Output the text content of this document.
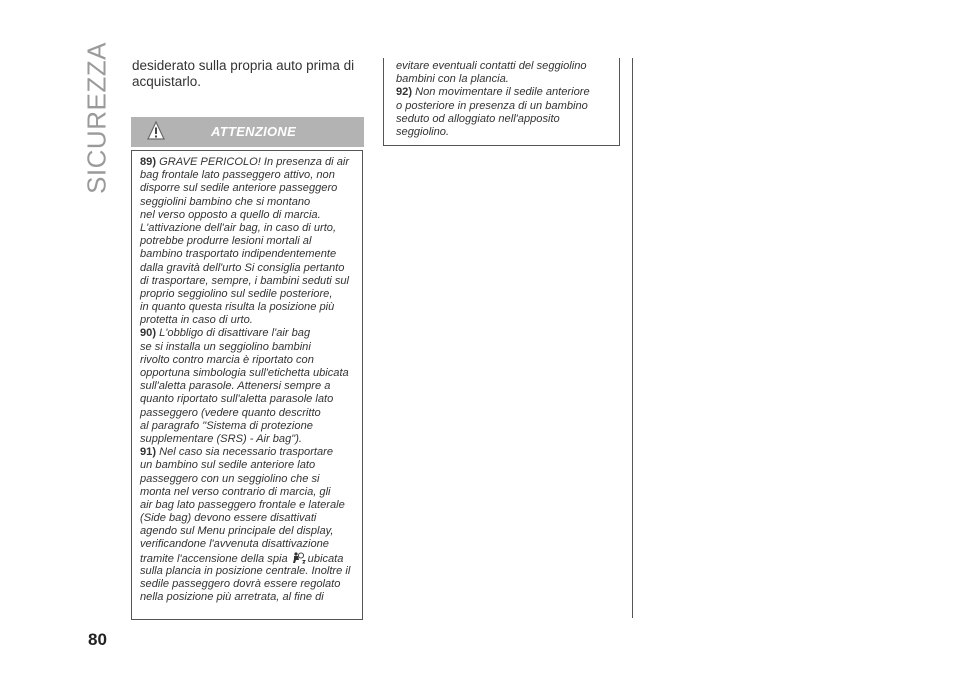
SICUREZZA
80
desiderato sulla propria auto prima di acquistarlo.
ATTENZIONE
89) GRAVE PERICOLO! In presenza di air
bag frontale lato passeggero attivo, non
disporre sul sedile anteriore passeggero
seggiolini bambino che si montano
nel verso opposto a quello di marcia.
L'attivazione dell'air bag, in caso di urto,
potrebbe produrre lesioni mortali al
bambino trasportato indipendentemente
dalla gravità dell'urto Si consiglia pertanto
di trasportare, sempre, i bambini seduti sul
proprio seggiolino sul sedile posteriore,
in quanto questa risulta la posizione più
protetta in caso di urto.
90) L'obbligo di disattivare l'air bag
se si installa un seggiolino bambini
rivolto contro marcia è riportato con
opportuna simbologia sull'etichetta ubicata
sull'aletta parasole. Attenersi sempre a
quanto riportato sull'aletta parasole lato
passeggero (vedere quanto descritto
al paragrafo "Sistema di protezione
supplementare (SRS) - Air bag").
91) Nel caso sia necessario trasportare
un bambino sul sedile anteriore lato
passeggero con un seggiolino che si
monta nel verso contrario di marcia, gli
air bag lato passeggero frontale e laterale
(Side bag) devono essere disattivati
agendo sul Menu principale del display,
verificandone l'avvenuta disattivazione
tramite l'accensione della spia ubicata
sulla plancia in posizione centrale. Inoltre il
sedile passeggero dovrà essere regolato
nella posizione più arretrata, al fine di
evitare eventuali contatti del seggiolino
bambini con la plancia.
92) Non movimentare il sedile anteriore
o posteriore in presenza di un bambino
seduto od alloggiato nell'apposito
seggiolino.
